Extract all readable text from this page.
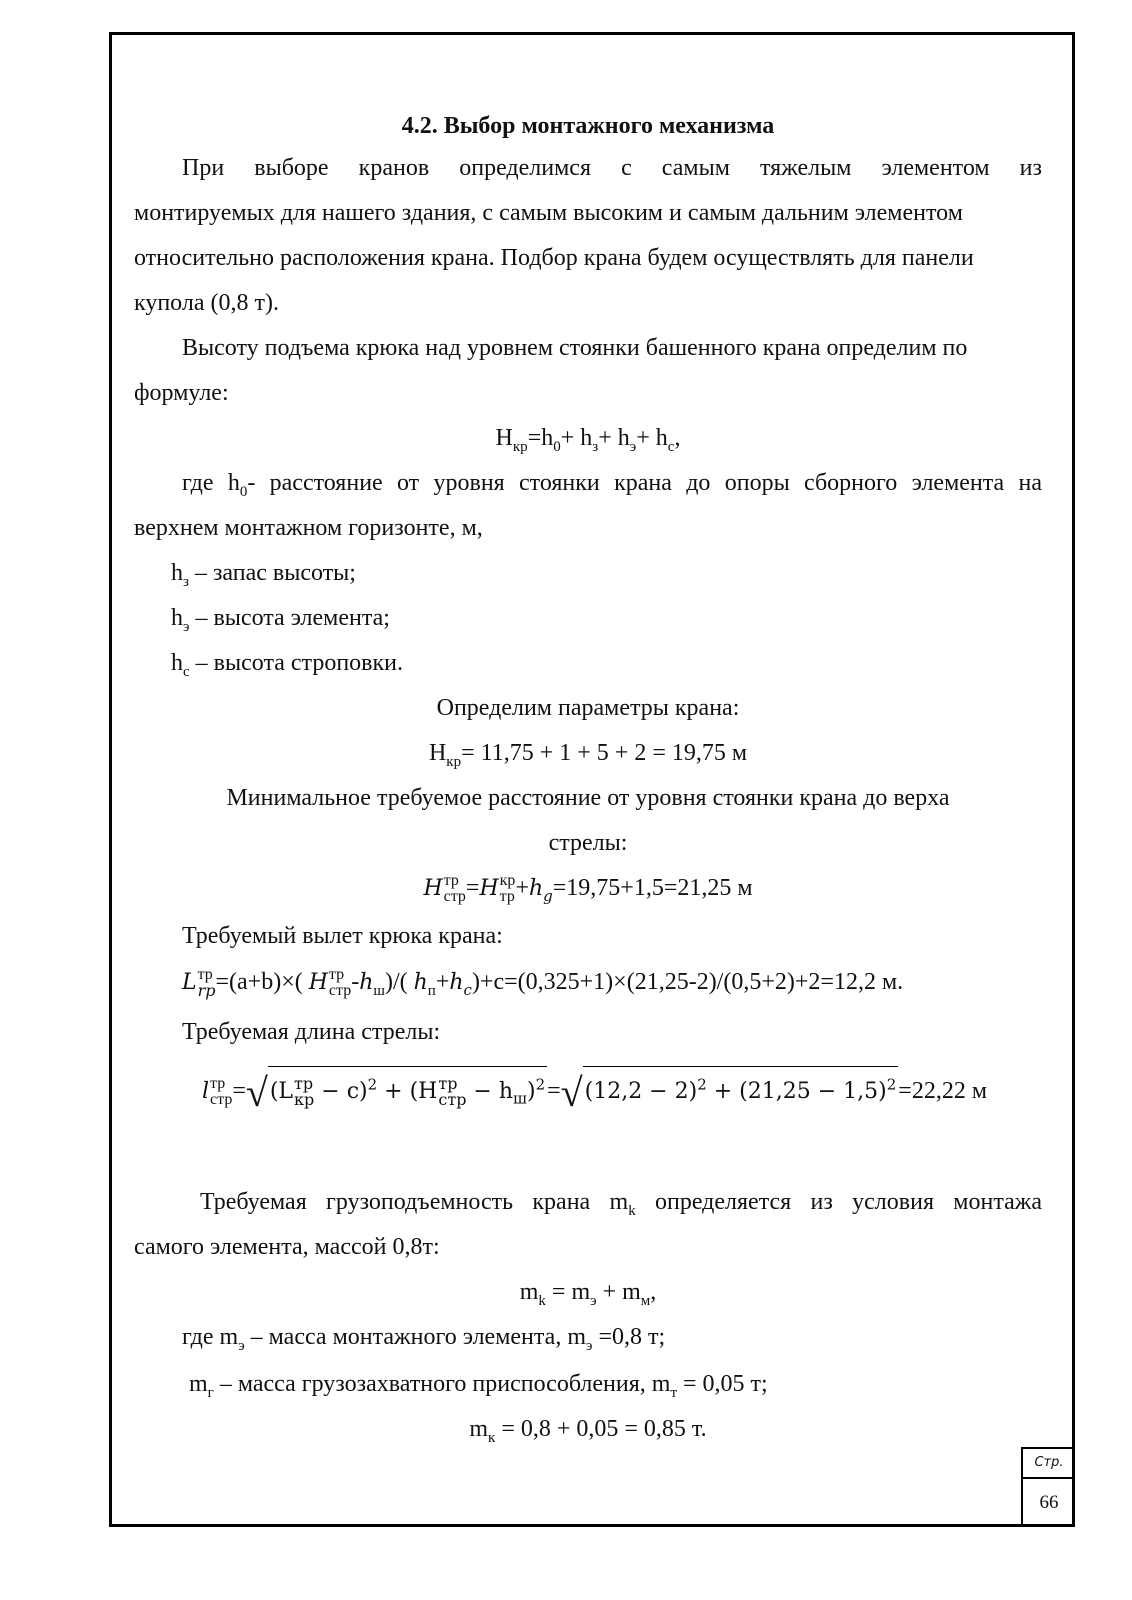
4.2. Выбор монтажного механизма
При выборе кранов определимся с самым тяжелым элементом из
монтируемых для нашего здания, с самым высоким и самым дальним элементом
относительно расположения крана. Подбор крана будем осуществлять для панели
купола (0,8 т).
Высоту подъема крюка над уровнем стоянки башенного крана определим по
формуле:
$H_{кр}=h_0+ h_з+ h_э+ h_c$,
где $h_0-$ расстояние от уровня стоянки крана до опоры сборного элемента на
верхнем монтажном горизонте, м,
$h_з$ – запас высоты;
$h_э$ – высота элемента;
$h_c$ – высота строповки.
Определим параметры крана:
$H_{кр}= 11,75 + 1 + 5 + 2 = 19,75$ м
Минимальное требуемое расстояние от уровня стоянки крана до верха
стрелы:
H тр
стр =H кр
тр $+h_g=19,75+1,5=21,25$ м
Требуемый вылет крюка крана:
L тр
rp =(a+b)×( H тр
стр $-h_ш)/$( $h_п+h_c)+c=(0,325+1)\times(21,25-2)/(0,5+2)+2=12,2$ м.
Требуемая длина стрелы:
l тр
стр =√(L тр
кр − c)$^2$ + (H тр
стр − $h_ш)^2=√(12,2 - 2)^2 + (21,25 - 1,5)^2=22,22$ м
Требуемая грузоподъемность крана $m_k$ определяется из условия монтажа
самого элемента, массой 0,8т:
$m_k = m_э + m_м$,
где $m_э$ – масса монтажного элемента, $m_э =0,8$ т;
$m_г$ – масса грузозахватного приспособления, $m_т = 0,05$ т;
$m_к = 0,8 + 0,05 = 0,85$ т.
Стр.
66
